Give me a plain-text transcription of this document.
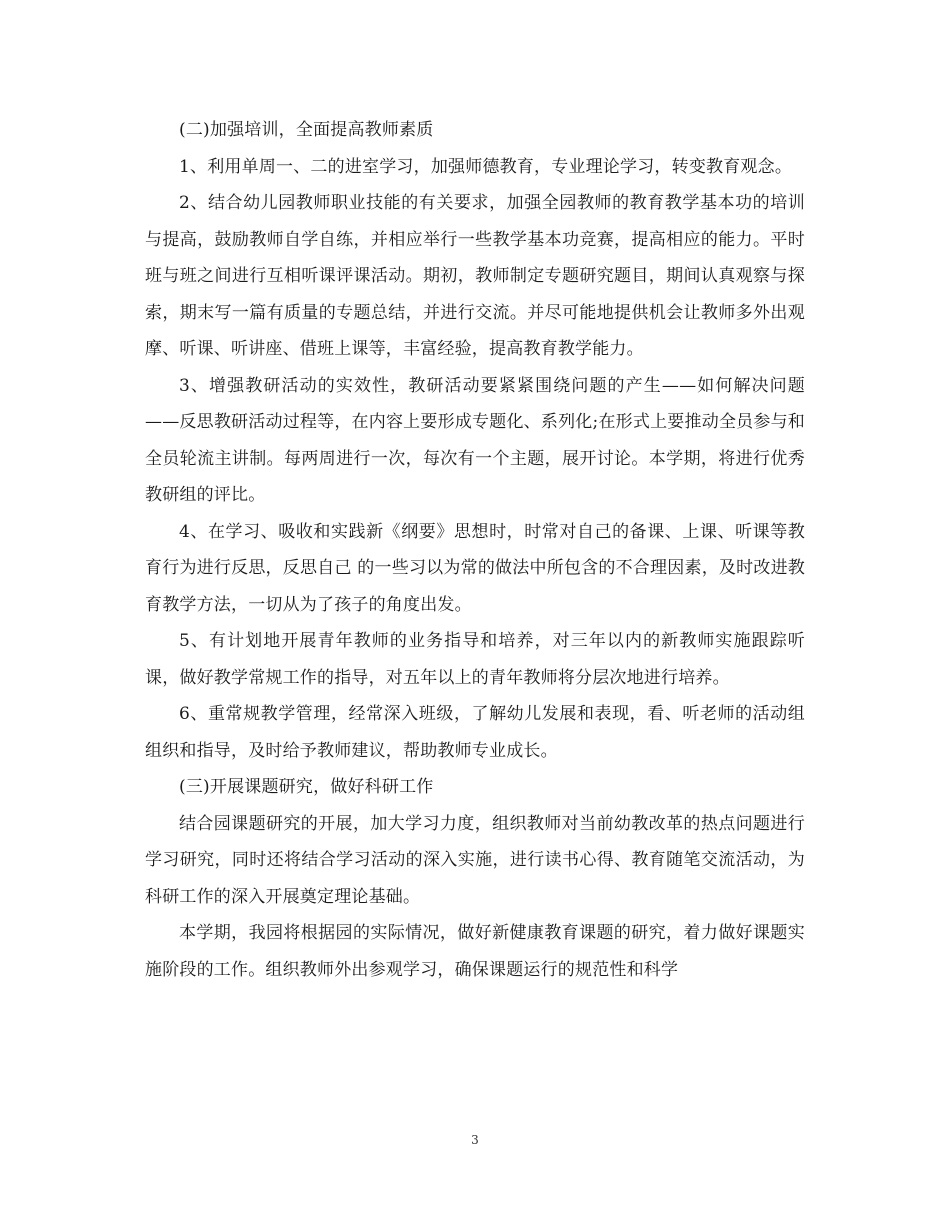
(二)加强培训，全面提高教师素质

1、利用单周一、二的进室学习，加强师德教育，专业理论学习，转变教育观念。

2、结合幼儿园教师职业技能的有关要求，加强全园教师的教育教学基本功的培训与提高，鼓励教师自学自练，并相应举行一些教学基本功竞赛，提高相应的能力。平时班与班之间进行互相听课评课活动。期初，教师制定专题研究题目，期间认真观察与探索，期末写一篇有质量的专题总结，并进行交流。并尽可能地提供机会让教师多外出观摩、听课、听讲座、借班上课等，丰富经验，提高教育教学能力。

3、增强教研活动的实效性，教研活动要紧紧围绕问题的产生——如何解决问题——反思教研活动过程等，在内容上要形成专题化、系列化;在形式上要推动全员参与和全员轮流主讲制。每两周进行一次，每次有一个主题，展开讨论。本学期，将进行优秀教研组的评比。

4、在学习、吸收和实践新《纲要》思想时，时常对自己的备课、上课、听课等教育行为进行反思，反思自己 的一些习以为常的做法中所包含的不合理因素，及时改进教育教学方法，一切从为了孩子的角度出发。

5、有计划地开展青年教师的业务指导和培养，对三年以内的新教师实施跟踪听课，做好教学常规工作的指导，对五年以上的青年教师将分层次地进行培养。

6、重常规教学管理，经常深入班级，了解幼儿发展和表现，看、听老师的活动组组织和指导，及时给予教师建议，帮助教师专业成长。

(三)开展课题研究，做好科研工作

结合园课题研究的开展，加大学习力度，组织教师对当前幼教改革的热点问题进行学习研究，同时还将结合学习活动的深入实施，进行读书心得、教育随笔交流活动，为科研工作的深入开展奠定理论基础。

本学期，我园将根据园的实际情况，做好新健康教育课题的研究，着力做好课题实施阶段的工作。组织教师外出参观学习，确保课题运行的规范性和科学

3
